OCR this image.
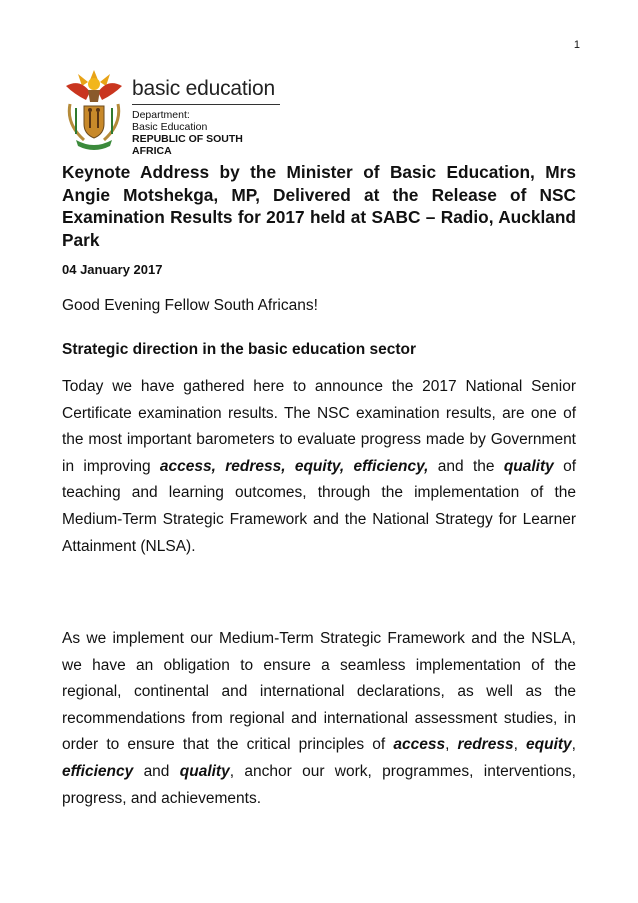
1
basic education
Department:
Basic Education
REPUBLIC OF SOUTH AFRICA
Keynote Address by the Minister of Basic Education, Mrs Angie Motshekga, MP, Delivered at the Release of NSC Examination Results for 2017 held at SABC – Radio, Auckland Park
04 January 2017
Good Evening Fellow South Africans!
Strategic direction in the basic education sector

Today we have gathered here to announce the 2017 National Senior Certificate examination results. The NSC examination results, are one of the most important barometers to evaluate progress made by Government in improving access, redress, equity, efficiency, and the quality of teaching and learning outcomes, through the implementation of the Medium-Term Strategic Framework and the National Strategy for Learner Attainment (NLSA).

As we implement our Medium-Term Strategic Framework and the NSLA, we have an obligation to ensure a seamless implementation of the regional, continental and international declarations, as well as the recommendations from regional and international assessment studies, in order to ensure that the critical principles of access, redress, equity, efficiency and quality, anchor our work, programmes, interventions, progress, and achievements.
